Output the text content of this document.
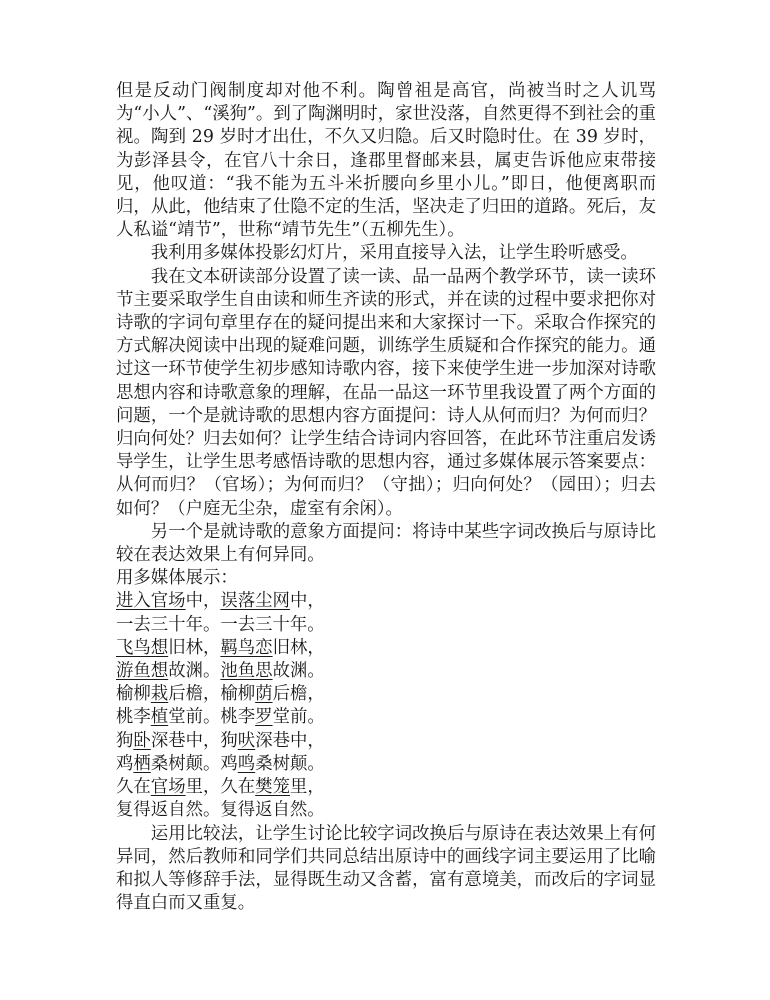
但是反动门阀制度却对他不利。陶曾祖是高官，尚被当时之人讥骂为“小人”、“溪狗”。到了陶渊明时，家世没落，自然更得不到社会的重视。陶到 29 岁时才出仕，不久又归隐。后又时隐时仕。在 39 岁时，为彭泽县令，在官八十余日，逢郡里督邮来县，属吏告诉他应束带接见，他叹道：“我不能为五斗米折腰向乡里小儿。”即日，他便离职而归，从此，他结束了仕隐不定的生活，坚决走了归田的道路。死后，友人私谥“靖节”，世称“靖节先生”（五柳先生）。

我利用多媒体投影幻灯片，采用直接导入法，让学生聆听感受。

我在文本研读部分设置了读一读、品一品两个教学环节，读一读环节主要采取学生自由读和师生齐读的形式，并在读的过程中要求把你对诗歌的字词句章里存在的疑问提出来和大家探讨一下。采取合作探究的方式解决阅读中出现的疑难问题，训练学生质疑和合作探究的能力。通过这一环节使学生初步感知诗歌内容，接下来使学生进一步加深对诗歌思想内容和诗歌意象的理解，在品一品这一环节里我设置了两个方面的问题，一个是就诗歌的思想内容方面提问：诗人从何而归？为何而归？归向何处？归去如何？让学生结合诗词内容回答，在此环节注重启发诱导学生，让学生思考感悟诗歌的思想内容，通过多媒体展示答案要点：从何而归？（官场）；为何而归？（守拙）；归向何处？（园田）；归去如何？（户庭无尘杂，虚室有余闲）。

另一个是就诗歌的意象方面提问：将诗中某些字词改换后与原诗比较在表达效果上有何异同。

用多媒体展示：

进入官场中，误落尘网中，

一去三十年。一去三十年。

飞鸟想旧林，羁鸟恋旧林，

游鱼想故渊。池鱼思故渊。

榆柳栽后檐，榆柳荫后檐，

桃李植堂前。桃李罗堂前。

狗卧深巷中，狗吠深巷中，

鸡栖桑树颠。鸡鸣桑树颠。

久在官场里，久在樊笼里，

复得返自然。复得返自然。

运用比较法，让学生讨论比较字词改换后与原诗在表达效果上有何异同，然后教师和同学们共同总结出原诗中的画线字词主要运用了比喻和拟人等修辞手法，显得既生动又含蓄，富有意境美，而改后的字词显得直白而又重复。
